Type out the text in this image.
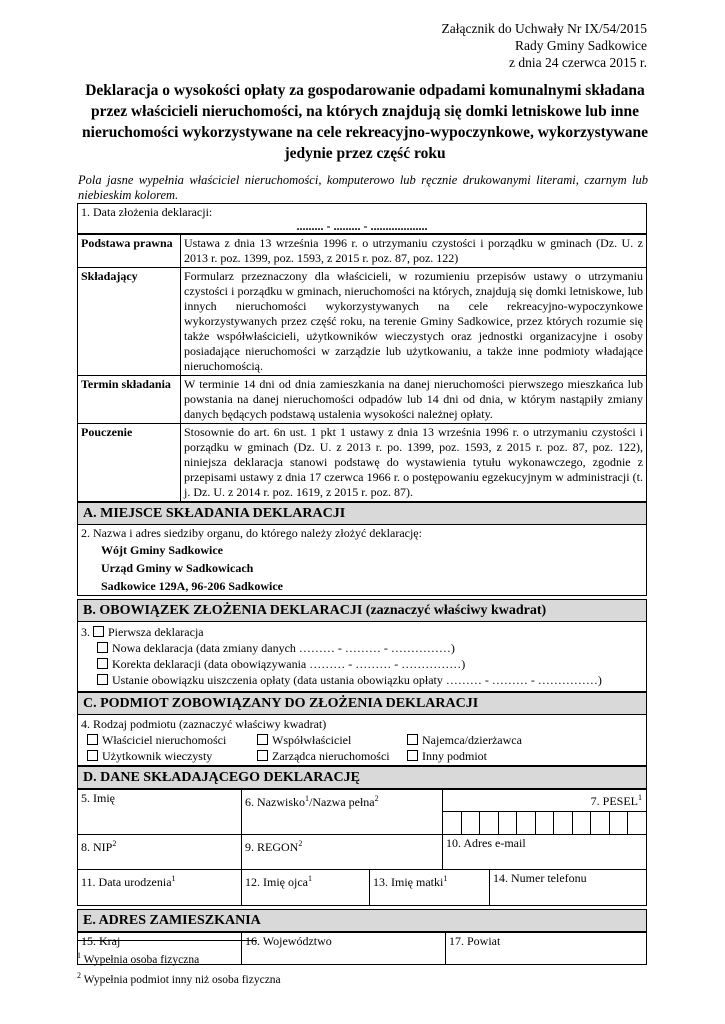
Załącznik do Uchwały Nr IX/54/2015
Rady Gminy Sadkowice
z dnia 24 czerwca 2015 r.
Deklaracja o wysokości opłaty za gospodarowanie odpadami komunalnymi składana przez właścicieli nieruchomości, na których znajdują się domki letniskowe lub inne nieruchomości wykorzystywane na cele rekreacyjno-wypoczynkowe, wykorzystywane jedynie przez część roku
Pola jasne wypełnia właściciel nieruchomości, komputerowo lub ręcznie drukowanymi literami, czarnym lub niebieskim kolorem.
1. Data złożenia deklaracji:
......... - ......... - ...................
Podstawa prawna	Ustawa z dnia 13 września 1996 r. o utrzymaniu czystości i porządku w gminach (Dz. U. z 2013 r. poz. 1399, poz. 1593, z 2015 r. poz. 87, poz. 122)
Składający	Formularz przeznaczony dla właścicieli, w rozumieniu przepisów ustawy o utrzymaniu czystości i porządku w gminach, nieruchomości na których, znajdują się domki letniskowe, lub innych nieruchomości wykorzystywanych na cele rekreacyjno-wypoczynkowe wykorzystywanych przez część roku, na terenie Gminy Sadkowice, przez których rozumie się także współwłaścicieli, użytkowników wieczystych oraz jednostki organizacyjne i osoby posiadające nieruchomości w zarządzie lub użytkowaniu, a także inne podmioty władające nieruchomością.
Termin składania	W terminie 14 dni od dnia zamieszkania na danej nieruchomości pierwszego mieszkańca lub powstania na danej nieruchomości odpadów lub 14 dni od dnia, w którym nastąpiły zmiany danych będących podstawą ustalenia wysokości należnej opłaty.
Pouczenie	Stosownie do art. 6n ust. 1 pkt 1 ustawy z dnia 13 września 1996 r. o utrzymaniu czystości i porządku w gminach (Dz. U. z 2013 r. po. 1399, poz. 1593, z 2015 r. poz. 87, poz. 122), niniejsza deklaracja stanowi podstawę do wystawienia tytułu wykonawczego, zgodnie z przepisami ustawy z dnia 17 czerwca 1966 r. o postępowaniu egzekucyjnym w administracji (t. j. Dz. U. z 2014 r. poz. 1619, z 2015 r. poz. 87).
A. MIEJSCE SKŁADANIA DEKLARACJI
2. Nazwa i adres siedziby organu, do którego należy złożyć deklarację:
Wójt Gminy Sadkowice
Urząd Gminy w Sadkowicach
Sadkowice 129A, 96-206 Sadkowice
B. OBOWIĄZEK ZŁOŻENIA DEKLARACJI (zaznaczyć właściwy kwadrat)
3. Pierwsza deklaracja
Nowa deklaracja (data zmiany danych ……… - ……… - ……………)
Korekta deklaracji (data obowiązywania ……… - ……… - ……………)
Ustanie obowiązku uiszczenia opłaty (data ustania obowiązku opłaty ……… - ……… - ……………)
C. PODMIOT ZOBOWIĄZANY DO ZŁOŻENIA DEKLARACJI
4. Rodzaj podmiotu (zaznaczyć właściwy kwadrat)
Właściciel nieruchomości	Współwłaściciel	Najemca/dzierżawca
Użytkownik wieczysty	Zarządca nieruchomości	Inny podmiot
D. DANE SKŁADAJĄCEGO DEKLARACJĘ
5. Imię	6. Nazwisko$^1$/Nazwa pełna$^2$	7. PESEL$^1$

8. NIP$^2$	9. REGON$^2$	10. Adres e-mail
11. Data urodzenia$^1$	12. Imię ojca$^1$	13. Imię matki$^1$	14. Numer telefonu
E. ADRES ZAMIESZKANIA
15. Kraj	16. Województwo	17. Powiat
$^1$ Wypełnia osoba fizyczna
$^2$ Wypełnia podmiot inny niż osoba fizyczna
